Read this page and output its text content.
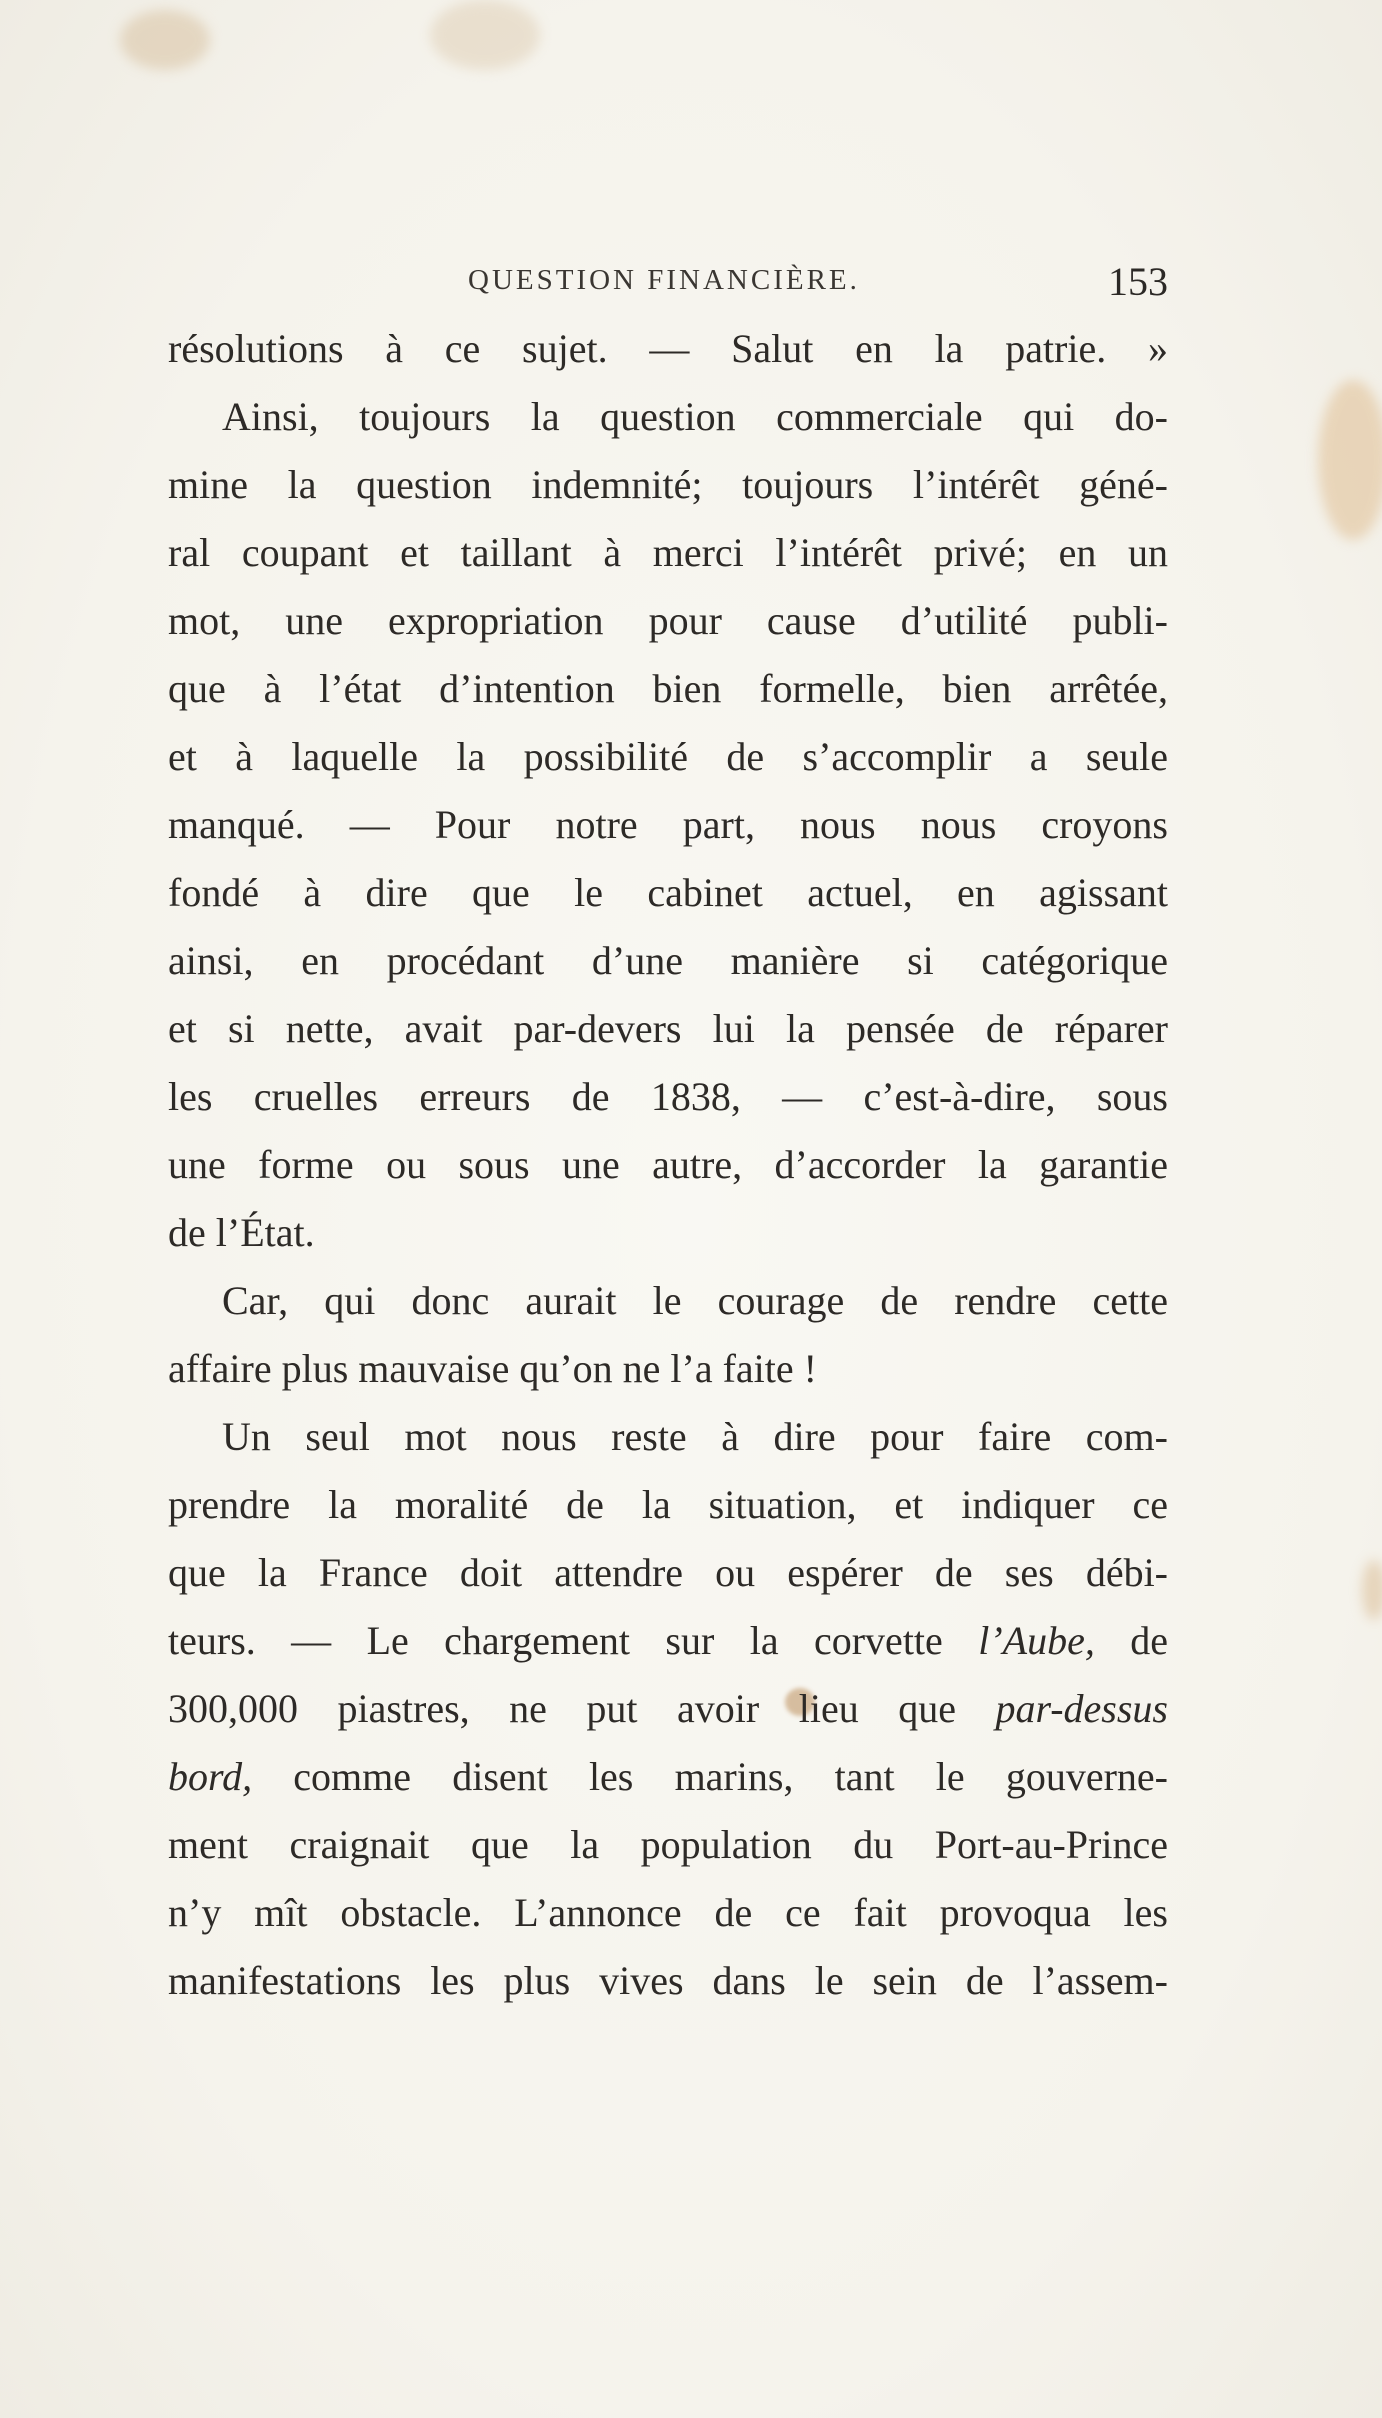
QUESTION FINANCIÈRE.	153
résolutions à ce sujet. — Salut en la patrie. »
Ainsi, toujours la question commerciale qui do-
mine la question indemnité; toujours l’intérêt géné-
ral coupant et taillant à merci l’intérêt privé; en un
mot, une expropriation pour cause d’utilité publi-
que à l’état d’intention bien formelle, bien arrêtée,
et à laquelle la possibilité de s’accomplir a seule
manqué. — Pour notre part, nous nous croyons
fondé à dire que le cabinet actuel, en agissant
ainsi, en procédant d’une manière si catégorique
et si nette, avait par-devers lui la pensée de réparer
les cruelles erreurs de 1838, — c’est-à-dire, sous
une forme ou sous une autre, d’accorder la garantie
de l’État.
Car, qui donc aurait le courage de rendre cette
affaire plus mauvaise qu’on ne l’a faite !
Un seul mot nous reste à dire pour faire com-
prendre la moralité de la situation, et indiquer ce
que la France doit attendre ou espérer de ses débi-
teurs. — Le chargement sur la corvette l’Aube, de
300,000 piastres, ne put avoir lieu que par-dessus
bord, comme disent les marins, tant le gouverne-
ment craignait que la population du Port-au-Prince
n’y mît obstacle. L’annonce de ce fait provoqua les
manifestations les plus vives dans le sein de l’assem-
